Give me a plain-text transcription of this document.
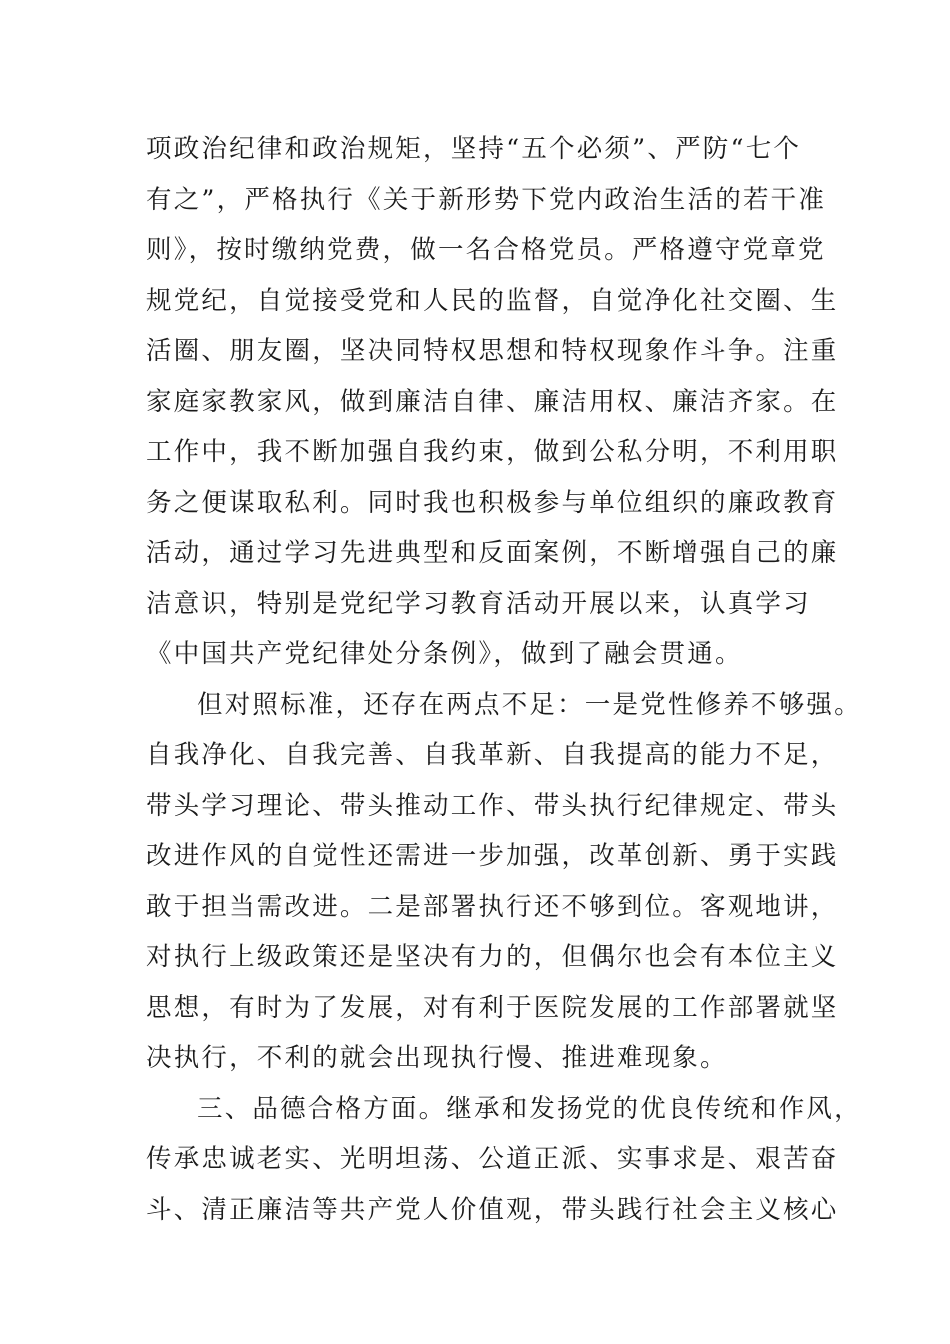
项政治纪律和政治规矩，坚持“五个必须”、严防“七个
有之”，严格执行《关于新形势下党内政治生活的若干准
则》，按时缴纳党费，做一名合格党员。严格遵守党章党
规党纪，自觉接受党和人民的监督，自觉净化社交圈、生
活圈、朋友圈，坚决同特权思想和特权现象作斗争。注重
家庭家教家风，做到廉洁自律、廉洁用权、廉洁齐家。在
工作中，我不断加强自我约束，做到公私分明，不利用职
务之便谋取私利。同时我也积极参与单位组织的廉政教育
活动，通过学习先进典型和反面案例，不断增强自己的廉
洁意识，特别是党纪学习教育活动开展以来，认真学习
《中国共产党纪律处分条例》，做到了融会贯通。
但对照标准，还存在两点不足：一是党性修养不够强。
自我净化、自我完善、自我革新、自我提高的能力不足，
带头学习理论、带头推动工作、带头执行纪律规定、带头
改进作风的自觉性还需进一步加强，改革创新、勇于实践
敢于担当需改进。二是部署执行还不够到位。客观地讲，
对执行上级政策还是坚决有力的，但偶尔也会有本位主义
思想，有时为了发展，对有利于医院发展的工作部署就坚
决执行，不利的就会出现执行慢、推进难现象。
三、品德合格方面。继承和发扬党的优良传统和作风，
传承忠诚老实、光明坦荡、公道正派、实事求是、艰苦奋
斗、清正廉洁等共产党人价值观，带头践行社会主义核心
